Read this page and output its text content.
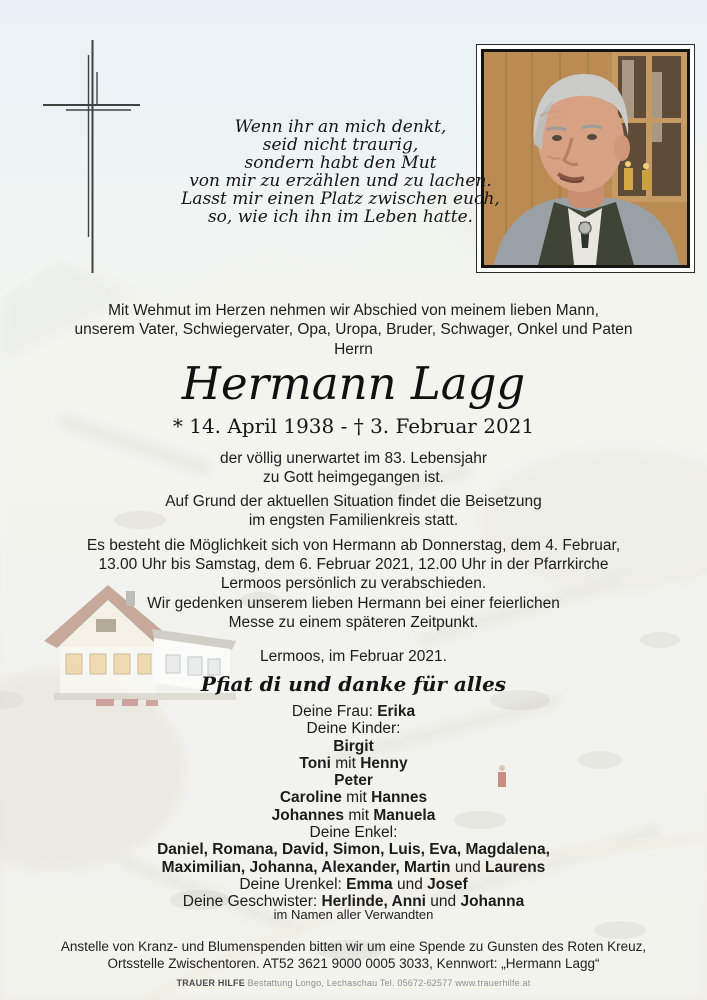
Wenn ihr an mich denkt,
seid nicht traurig,
sondern habt den Mut
von mir zu erzählen und zu lachen.
Lasst mir einen Platz zwischen euch,
so, wie ich ihn im Leben hatte.
Mit Wehmut im Herzen nehmen wir Abschied von meinem lieben Mann,
unserem Vater, Schwiegervater, Opa, Uropa, Bruder, Schwager, Onkel und Paten
Herrn
Hermann Lagg
* 14. April 1938 - † 3. Februar 2021
der völlig unerwartet im 83. Lebensjahr
zu Gott heimgegangen ist.
Auf Grund der aktuellen Situation findet die Beisetzung
im engsten Familienkreis statt.
Es besteht die Möglichkeit sich von Hermann ab Donnerstag, dem 4. Februar,
13.00 Uhr bis Samstag, dem 6. Februar 2021, 12.00 Uhr in der Pfarrkirche
Lermoos persönlich zu verabschieden.
Wir gedenken unserem lieben Hermann bei einer feierlichen
Messe zu einem späteren Zeitpunkt.
Lermoos, im Februar 2021.
Pfiat di und danke für alles
Deine Frau: Erika
Deine Kinder:
Birgit
Toni mit Henny
Peter
Caroline mit Hannes
Johannes mit Manuela
Deine Enkel:
Daniel, Romana, David, Simon, Luis, Eva, Magdalena,
Maximilian, Johanna, Alexander, Martin und Laurens
Deine Urenkel: Emma und Josef
Deine Geschwister: Herlinde, Anni und Johanna
im Namen aller Verwandten
Anstelle von Kranz- und Blumenspenden bitten wir um eine Spende zu Gunsten des Roten Kreuz,
Ortsstelle Zwischentoren. AT52 3621 9000 0005 3033, Kennwort: „Hermann Lagg“
TRAUER HILFE Bestattung Longo, Lechaschau Tel. 05672-62577 www.trauerhilfe.at
